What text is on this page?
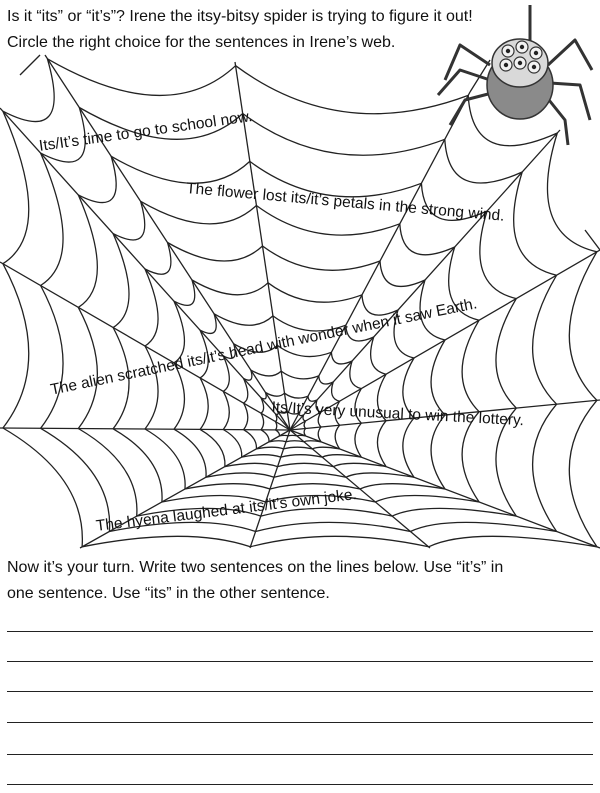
Is it “its” or “it’s”? Irene the itsy-bitsy spider is trying to figure it out!
Circle the right choice for the sentences in Irene’s web.

Its/It’s time to go to school now.
The flower lost its/it’s petals in the strong wind.
The alien scratched its/it’s head with wonder when it saw Earth.
Its/It’s very unusual to win the lottery.
The hyena laughed at its/it’s own joke.

Now it’s your turn. Write two sentences on the lines below. Use “it’s” in
one sentence. Use “its” in the other sentence.
